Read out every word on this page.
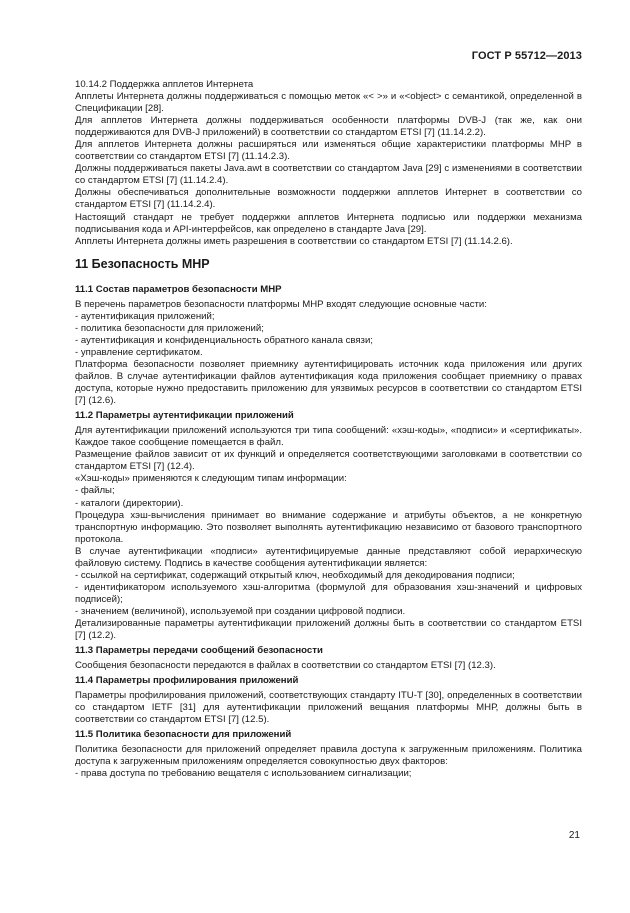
ГОСТ Р 55712—2013

10.14.2 Поддержка апплетов Интернета

Апплеты Интернета должны поддерживаться с помощью меток «< >» и «<object> с семантикой, определенной в Спецификации [28].

Для апплетов Интернета должны поддерживаться особенности платформы DVB-J (так же, как они поддерживаются для DVB-J приложений) в соответствии со стандартом ETSI [7] (11.14.2.2).

Для апплетов Интернета должны расширяться или изменяться общие характеристики платформы МНР в соответствии со стандартом ETSI [7] (11.14.2.3).

Должны поддерживаться пакеты Java.awt в соответствии со стандартом Java [29] с изменениями в соответствии со стандартом ETSI [7] (11.14.2.4).

Должны обеспечиваться дополнительные возможности поддержки апплетов Интернет в соответствии со стандартом ETSI [7] (11.14.2.4).

Настоящий стандарт не требует поддержки апплетов Интернета подписью или поддержки механизма подписывания кода и API-интерфейсов, как определено в стандарте Java [29].

Апплеты Интернета должны иметь разрешения в соответствии со стандартом ETSI [7] (11.14.2.6).

11 Безопасность МНР
11.1 Состав параметров безопасности МНР

В перечень параметров безопасности платформы МНР входят следующие основные части:

- аутентификация приложений;

- политика безопасности для приложений;

- аутентификация и конфиденциальность обратного канала связи;

- управление сертификатом.

Платформа безопасности позволяет приемнику аутентифицировать источник кода приложения или других файлов. В случае аутентификации файлов аутентификация кода приложения сообщает приемнику о правах доступа, которые нужно предоставить приложению для уязвимых ресурсов в соответствии со стандартом ETSI [7] (12.6).

11.2 Параметры аутентификации приложений

Для аутентификации приложений используются три типа сообщений: «хэш-коды», «подписи» и «сертификаты». Каждое такое сообщение помещается в файл.

Размещение файлов зависит от их функций и определяется соответствующими заголовками в соответствии со стандартом ETSI [7] (12.4).

«Хэш-коды» применяются к следующим типам информации:

- файлы;

- каталоги (директории).

Процедура хэш-вычисления принимает во внимание содержание и атрибуты объектов, а не конкретную транспортную информацию. Это позволяет выполнять аутентификацию независимо от базового транспортного протокола.

В случае аутентификации «подписи» аутентифицируемые данные представляют собой иерархическую файловую систему. Подпись в качестве сообщения аутентификации является:

- ссылкой на сертификат, содержащий открытый ключ, необходимый для декодирования подписи;

- идентификатором используемого хэш-алгоритма (формулой для образования хэш-значений и цифровых подписей);

- значением (величиной), используемой при создании цифровой подписи.

Детализированные параметры аутентификации приложений должны быть в соответствии со стандартом ETSI [7] (12.2).

11.3 Параметры передачи сообщений безопасности

Сообщения безопасности передаются в файлах в соответствии со стандартом ETSI [7] (12.3).

11.4 Параметры профилирования приложений

Параметры профилирования приложений, соответствующих стандарту ITU-T [30], определенных в соответствии со стандартом IETF [31] для аутентификации приложений вещания платформы МНР, должны быть в соответствии со стандартом ETSI [7] (12.5).

11.5 Политика безопасности для приложений

Политика безопасности для приложений определяет правила доступа к загруженным приложениям. Политика доступа к загруженным приложениям определяется совокупностью двух факторов:

- права доступа по требованию вещателя с использованием сигнализации;

21
